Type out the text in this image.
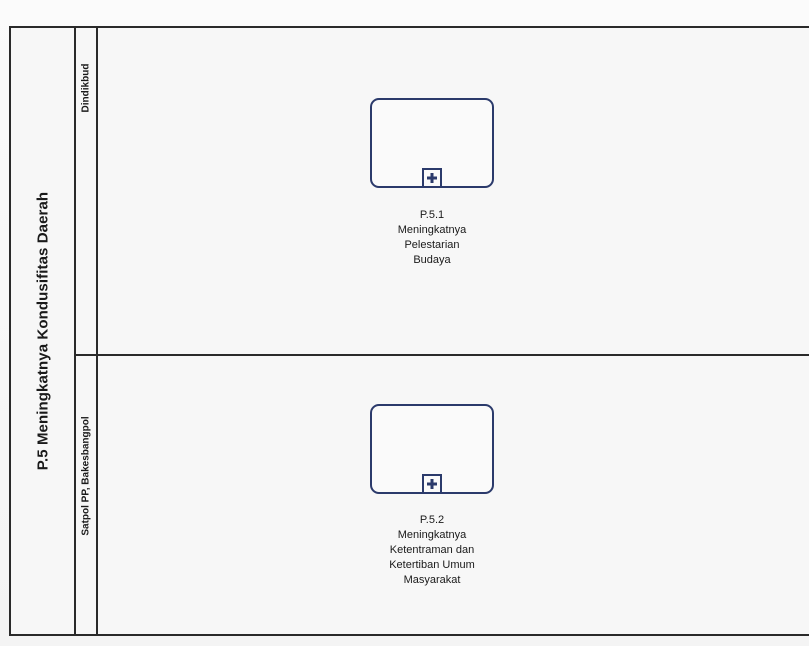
P.5 Meningkatnya Kondusifitas Daerah
Dindikbud
P.5.1
Meningkatnya
Pelestarian
Budaya
Satpol PP, Bakesbangpol	P.5.2
Meningkatnya
Ketentraman dan
Ketertiban Umum
Masyarakat
